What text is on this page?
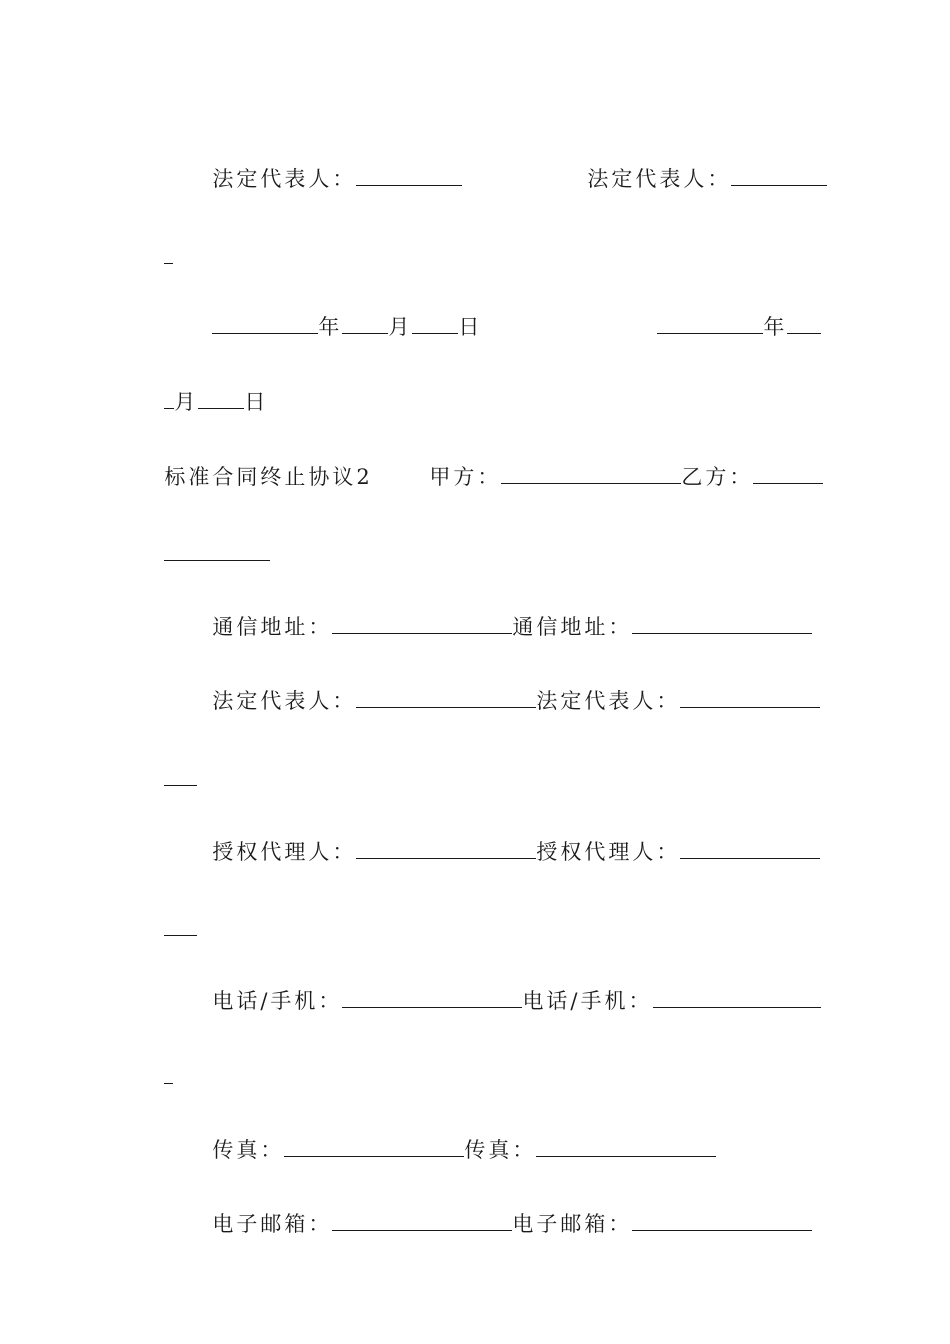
法定代表人：	法定代表人：

年 月 日	年

月 日

标准合同终止协议2	甲方：	乙方：

通信地址：	通信地址：

法定代表人：	法定代表人：

授权代理人：	授权代理人：

电话/手机：	电话/手机：

传真：	传真：

电子邮箱：	电子邮箱：
